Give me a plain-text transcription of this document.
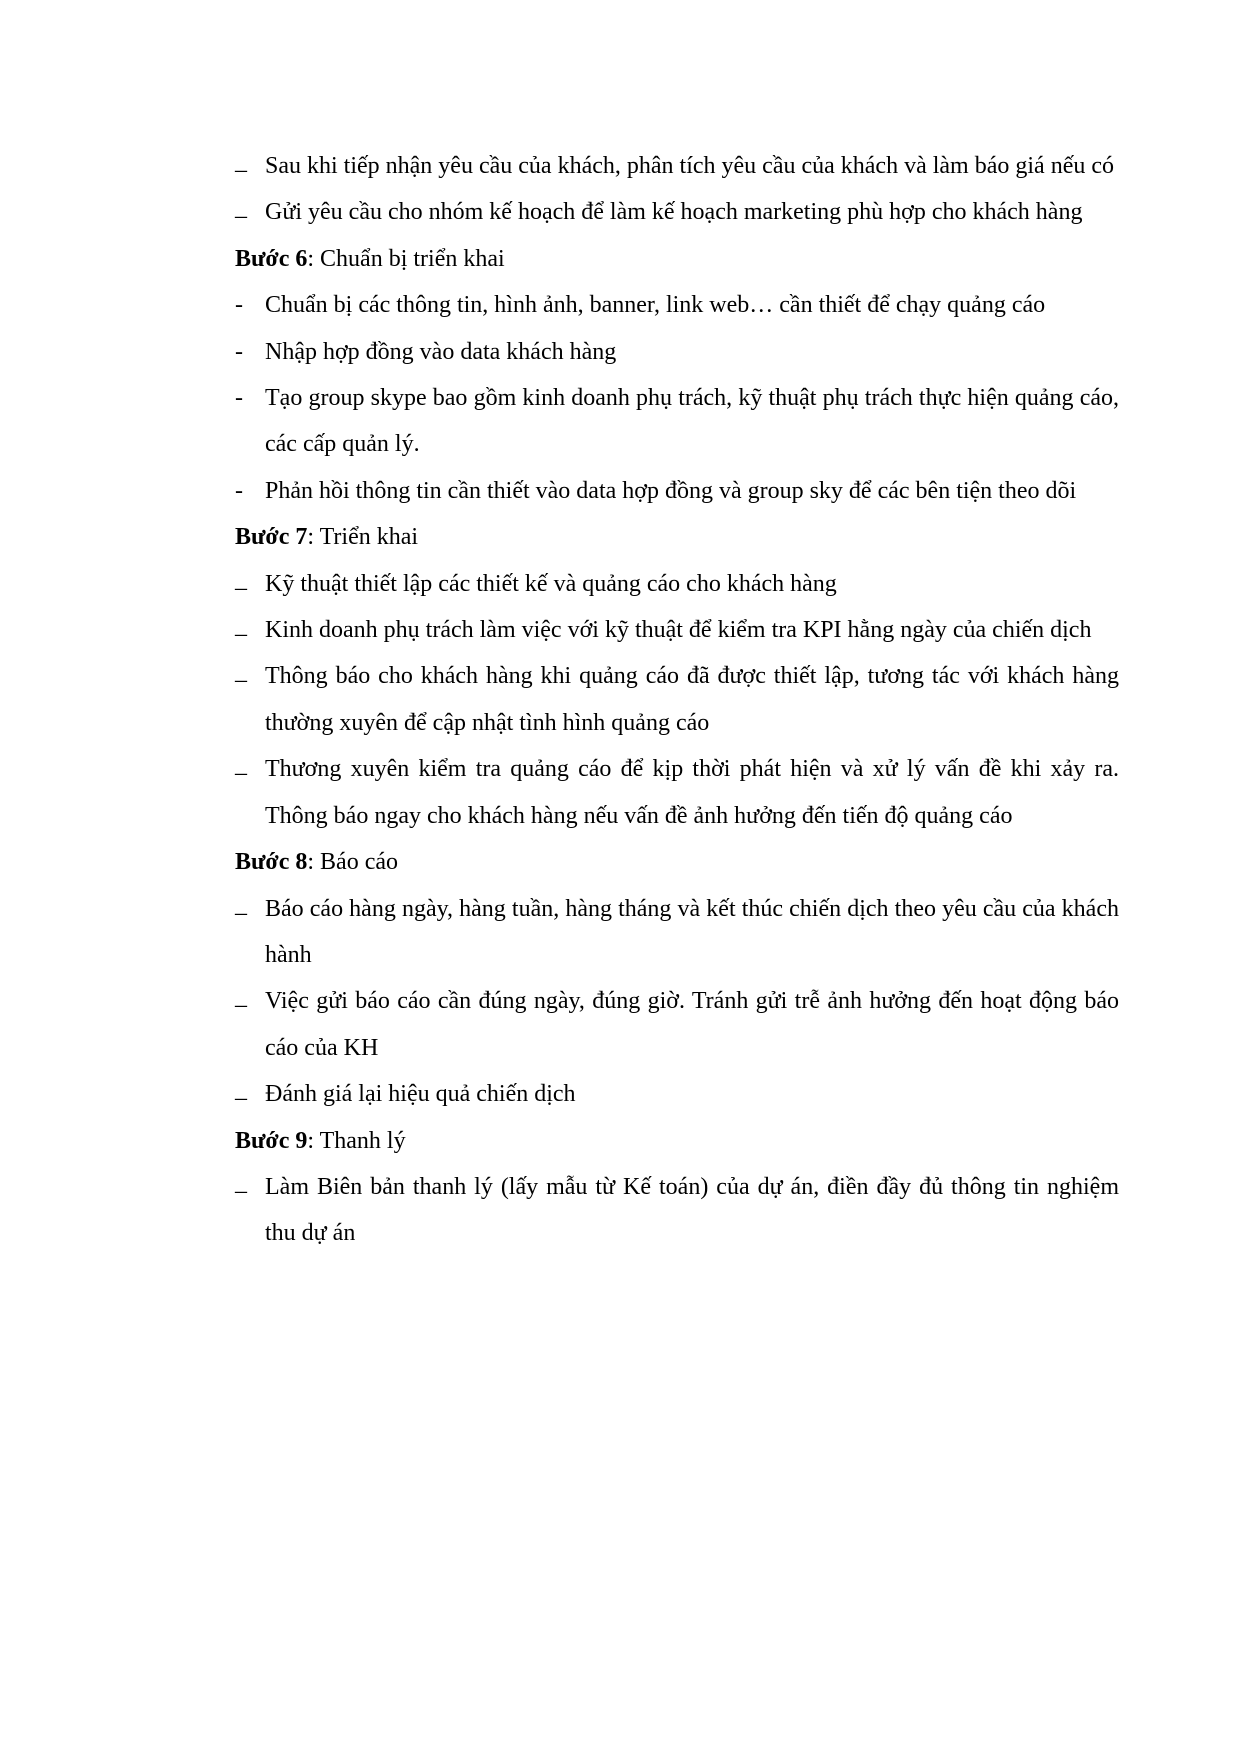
– Sau khi tiếp nhận yêu cầu của khách, phân tích yêu cầu của khách và làm báo giá nếu có
– Gửi yêu cầu cho nhóm kế hoạch để làm kế hoạch marketing phù hợp cho khách hàng
Bước 6: Chuẩn bị triển khai
- Chuẩn bị các thông tin, hình ảnh, banner, link web… cần thiết để chạy quảng cáo
- Nhập hợp đồng vào data khách hàng
- Tạo group skype bao gồm kinh doanh phụ trách, kỹ thuật phụ trách thực hiện quảng cáo, các cấp quản lý.
- Phản hồi thông tin cần thiết vào data hợp đồng và group sky để các bên tiện theo dõi
Bước 7: Triển khai
– Kỹ thuật thiết lập các thiết kế và quảng cáo cho khách hàng
– Kinh doanh phụ trách làm việc với kỹ thuật để kiểm tra KPI hằng ngày của chiến dịch
– Thông báo cho khách hàng khi quảng cáo đã được thiết lập, tương tác với khách hàng thường xuyên để cập nhật tình hình quảng cáo
– Thương xuyên kiểm tra quảng cáo để kịp thời phát hiện và xử lý vấn đề khi xảy ra. Thông báo ngay cho khách hàng nếu vấn đề ảnh hưởng đến tiến độ quảng cáo
Bước 8: Báo cáo
– Báo cáo hàng ngày, hàng tuần, hàng tháng và kết thúc chiến dịch theo yêu cầu của khách hành
– Việc gửi báo cáo cần đúng ngày, đúng giờ. Tránh gửi trễ ảnh hưởng đến hoạt động báo cáo của KH
– Đánh giá lại hiệu quả chiến dịch
Bước 9: Thanh lý
– Làm Biên bản thanh lý (lấy mẫu từ Kế toán) của dự án, điền đầy đủ thông tin nghiệm thu dự án
